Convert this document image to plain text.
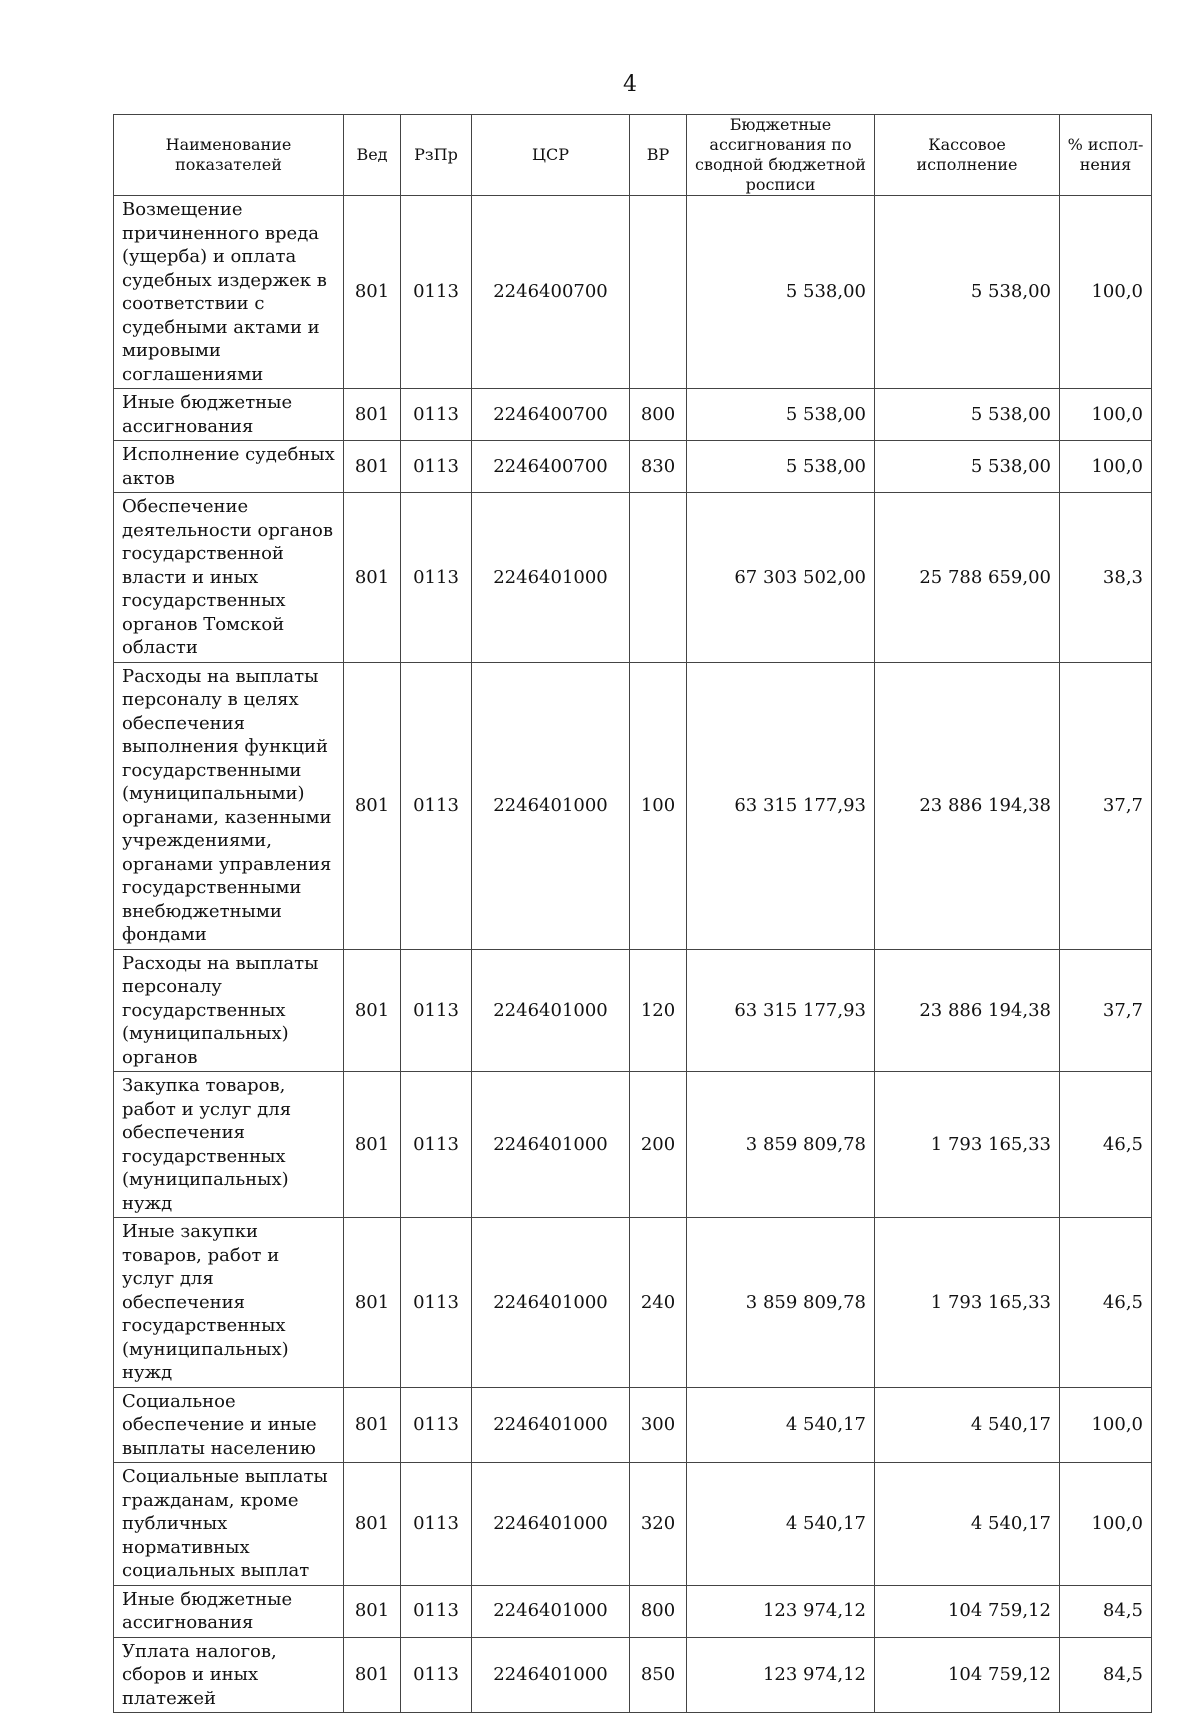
4
Наименование показателей	Вед	РзПр	ЦСР	ВР	Бюджетные ассигнования по сводной бюджетной росписи	Кассовое исполнение	% испол-нения
Возмещение причиненного вреда (ущерба) и оплата судебных издержек в соответствии с судебными актами и мировыми соглашениями	801	0113	2246400700		5 538,00	5 538,00	100,0
Иные бюджетные ассигнования	801	0113	2246400700	800	5 538,00	5 538,00	100,0
Исполнение судебных актов	801	0113	2246400700	830	5 538,00	5 538,00	100,0
Обеспечение деятельности органов государственной власти и иных государственных органов Томской области	801	0113	2246401000		67 303 502,00	25 788 659,00	38,3
Расходы на выплаты персоналу в целях обеспечения выполнения функций государственными (муниципальными) органами, казенными учреждениями, органами управления государственными внебюджетными фондами	801	0113	2246401000	100	63 315 177,93	23 886 194,38	37,7
Расходы на выплаты персоналу государственных (муниципальных) органов	801	0113	2246401000	120	63 315 177,93	23 886 194,38	37,7
Закупка товаров, работ и услуг для обеспечения государственных (муниципальных) нужд	801	0113	2246401000	200	3 859 809,78	1 793 165,33	46,5
Иные закупки товаров, работ и услуг для обеспечения государственных (муниципальных) нужд	801	0113	2246401000	240	3 859 809,78	1 793 165,33	46,5
Социальное обеспечение и иные выплаты населению	801	0113	2246401000	300	4 540,17	4 540,17	100,0
Социальные выплаты гражданам, кроме публичных нормативных социальных выплат	801	0113	2246401000	320	4 540,17	4 540,17	100,0
Иные бюджетные ассигнования	801	0113	2246401000	800	123 974,12	104 759,12	84,5
Уплата налогов, сборов и иных платежей	801	0113	2246401000	850	123 974,12	104 759,12	84,5
